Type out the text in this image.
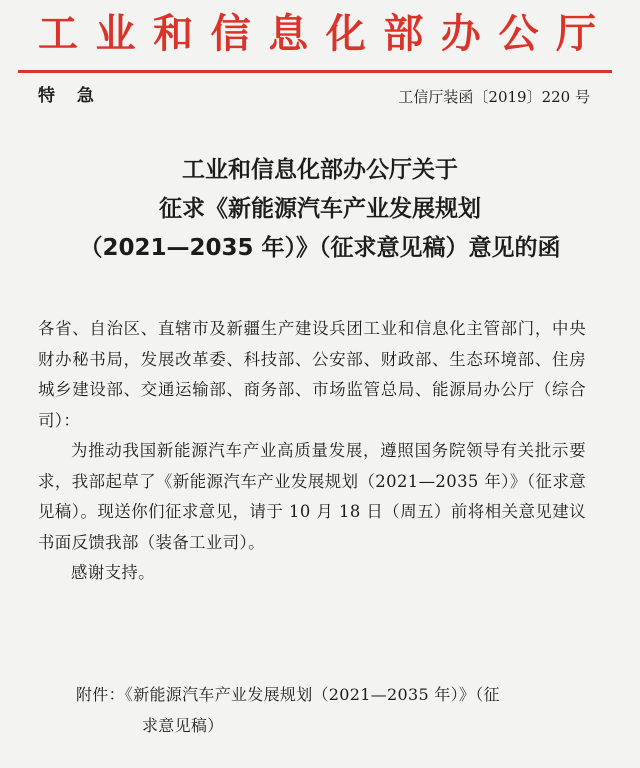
工业和信息化部办公厅
特 急	工信厅装函〔2019〕220 号
工业和信息化部办公厅关于
征求《新能源汽车产业发展规划
（2021—2035 年）》（征求意见稿）意见的函

各省、自治区、直辖市及新疆生产建设兵团工业和信息化主管部门，中央财办秘书局，发展改革委、科技部、公安部、财政部、生态环境部、住房城乡建设部、交通运输部、商务部、市场监管总局、能源局办公厅（综合司）：

为推动我国新能源汽车产业高质量发展，遵照国务院领导有关批示要求，我部起草了《新能源汽车产业发展规划（2021—2035 年）》（征求意见稿）。现送你们征求意见，请于 10 月 18 日（周五）前将相关意见建议书面反馈我部（装备工业司）。

感谢支持。

附件：《新能源汽车产业发展规划（2021—2035 年）》（征
求意见稿）
